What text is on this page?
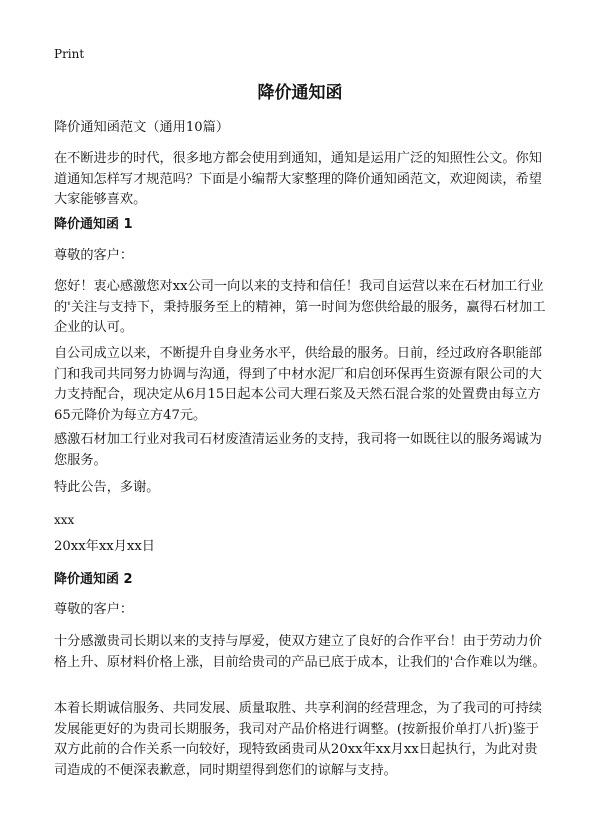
Print
降价通知函
降价通知函范文（通用10篇）
在不断进步的时代，很多地方都会使用到通知，通知是运用广泛的知照性公文。你知道通知怎样写才规范吗？下面是小编帮大家整理的降价通知函范文，欢迎阅读，希望大家能够喜欢。
降价通知函 1
尊敬的客户：
您好！衷心感激您对xx公司一向以来的支持和信任！我司自运营以来在石材加工行业的'关注与支持下，秉持服务至上的精神，第一时间为您供给最的服务，赢得石材加工企业的认可。
自公司成立以来，不断提升自身业务水平，供给最的服务。日前，经过政府各职能部门和我司共同努力协调与沟通，得到了中材水泥厂和启创环保再生资源有限公司的大力支持配合，现决定从6月15日起本公司大理石浆及天然石混合浆的处置费由每立方65元降价为每立方47元。
感激石材加工行业对我司石材废渣清运业务的支持，我司将一如既往以的服务竭诚为您服务。
特此公告，多谢。
xxx
20xx年xx月xx日
降价通知函 2
尊敬的客户：
十分感激贵司长期以来的支持与厚爱，使双方建立了良好的合作平台！由于劳动力价格上升、原材料价格上涨，目前给贵司的产品已底于成本，让我们的'合作难以为继。
本着长期诚信服务、共同发展、质量取胜、共享利润的经营理念，为了我司的可持续发展能更好的为贵司长期服务，我司对产品价格进行调整。(按新报价单打八折)鉴于双方此前的合作关系一向较好，现特致函贵司从20xx年xx月xx日起执行，为此对贵司造成的不便深表歉意，同时期望得到您们的谅解与支持。
